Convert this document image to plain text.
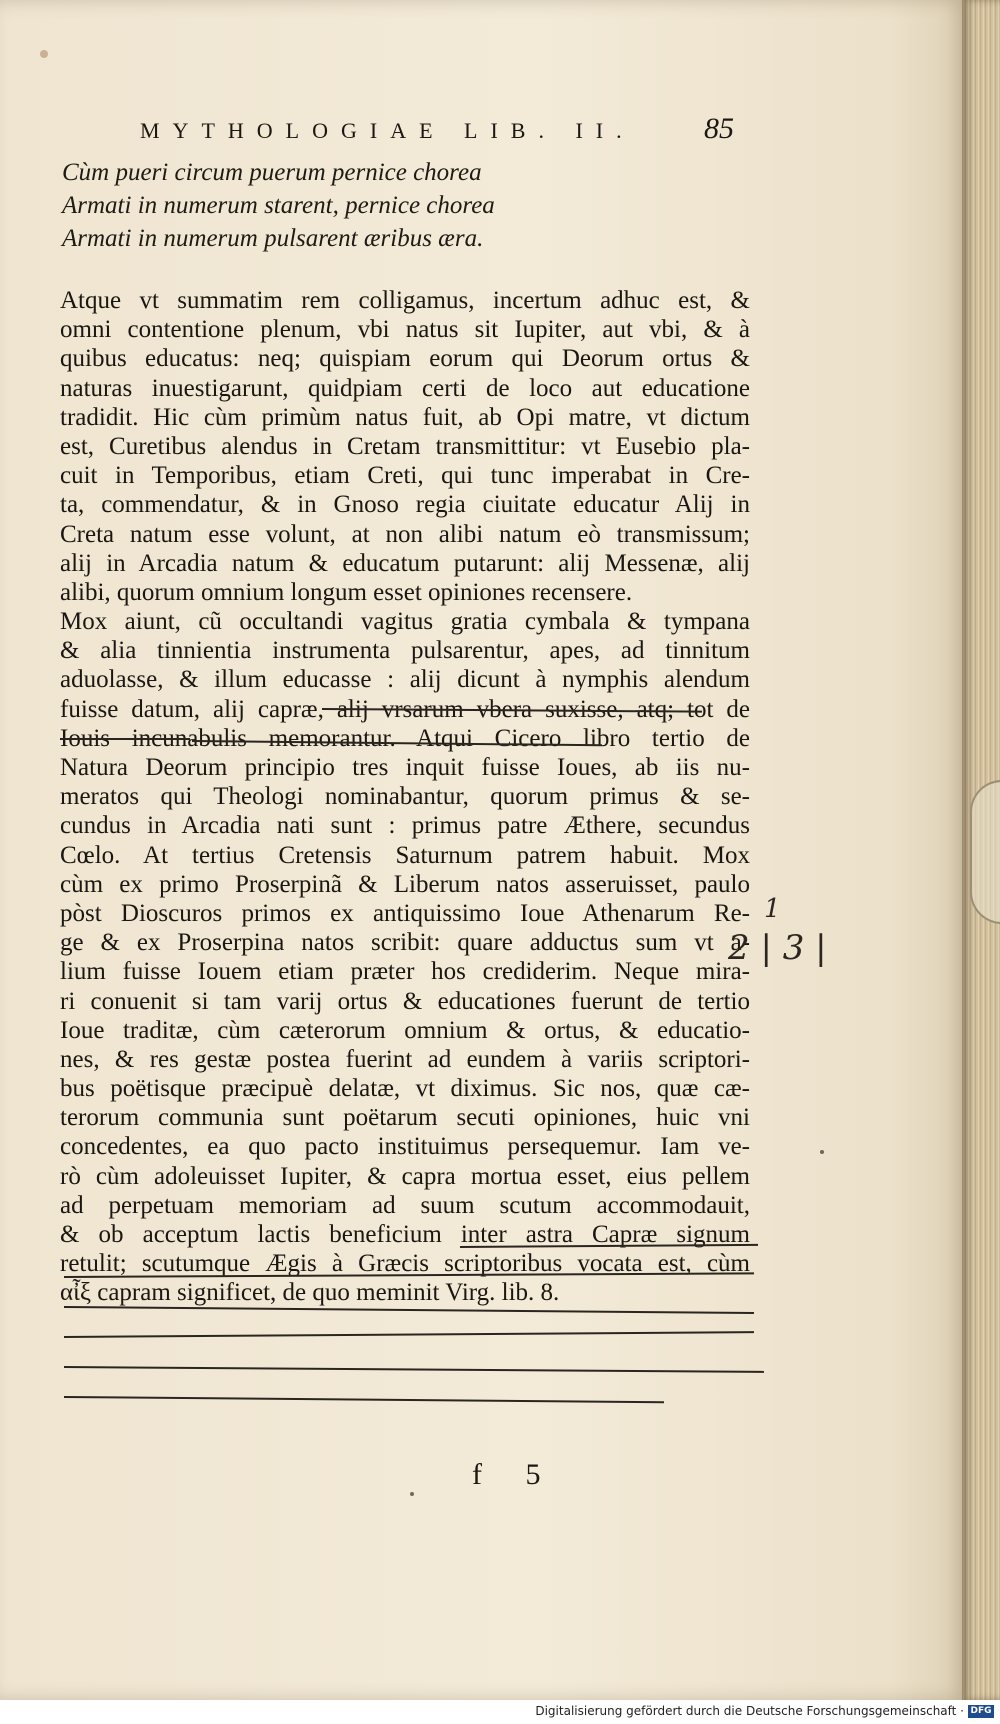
MYTHOLOGIAE LIB. II. 85
Cùm pueri circum puerum pernice chorea
Armati in numerum starent, pernice chorea
Armati in numerum pulsarent æribus æra.
Atque vt summatim rem colligamus, incertum adhuc est, &
omni contentione plenum, vbi natus sit Iupiter, aut vbi, & à
quibus educatus: neq; quispiam eorum qui Deorum ortus &
naturas inuestigarunt, quidpiam certi de loco aut educatione
tradidit. Hic cùm primùm natus fuit, ab Opi matre, vt dictum
est, Curetibus alendus in Cretam transmittitur: vt Eusebio pla-
cuit in Temporibus, etiam Creti, qui tunc imperabat in Cre-
ta, commendatur, & in Gnoso regia ciuitate educatur Alij in
Creta natum esse volunt, at non alibi natum eò transmissum;
alij in Arcadia natum & educatum putarunt: alij Messenæ, alij
alibi, quorum omnium longum esset opiniones recensere.
Mox aiunt, cũ occultandi vagitus gratia cymbala & tympana
& alia tinnientia instrumenta pulsarentur, apes, ad tinnitum
aduolasse, & illum educasse : alij dicunt à nymphis alendum
fuisse datum, alij capræ, alij vrsarum vbera suxisse, atq; tot de
Iouis incunabulis memorantur. Atqui Cicero libro tertio de
Natura Deorum principio tres inquit fuisse Ioues, ab iis nu-
meratos qui Theologi nominabantur, quorum primus & se-
cundus in Arcadia nati sunt : primus patre Æthere, secundus
Cœlo. At tertius Cretensis Saturnum patrem habuit. Mox
cùm ex primo Proserpinã & Liberum natos asseruisset, paulo
pòst Dioscuros primos ex antiquissimo Ioue Athenarum Re-
ge & ex Proserpina natos scribit: quare adductus sum vt a-
lium fuisse Iouem etiam præter hos crediderim. Neque mira-
ri conuenit si tam varij ortus & educationes fuerunt de tertio
Ioue traditæ, cùm cæterorum omnium & ortus, & educatio-
nes, & res gestæ postea fuerint ad eundem à variis scriptori-
bus poëtisque præcipuè delatæ, vt diximus. Sic nos, quæ cæ-
terorum communia sunt poëtarum secuti opiniones, huic vni
concedentes, ea quo pacto instituimus persequemur. Iam ve-
rò cùm adoleuisset Iupiter, & capra mortua esset, eius pellem
ad perpetuam memoriam ad suum scutum accommodauit,
& ob acceptum lactis beneficium inter astra Capræ signum
retulit; scutumque Ægis à Græcis scriptoribus vocata est, cùm
αἶξ capram significet, de quo meminit Virg. lib. 8.
1
2 | 3 |
f 5
Digitalisierung gefördert durch die Deutsche Forschungsgemeinschaft · DFG
